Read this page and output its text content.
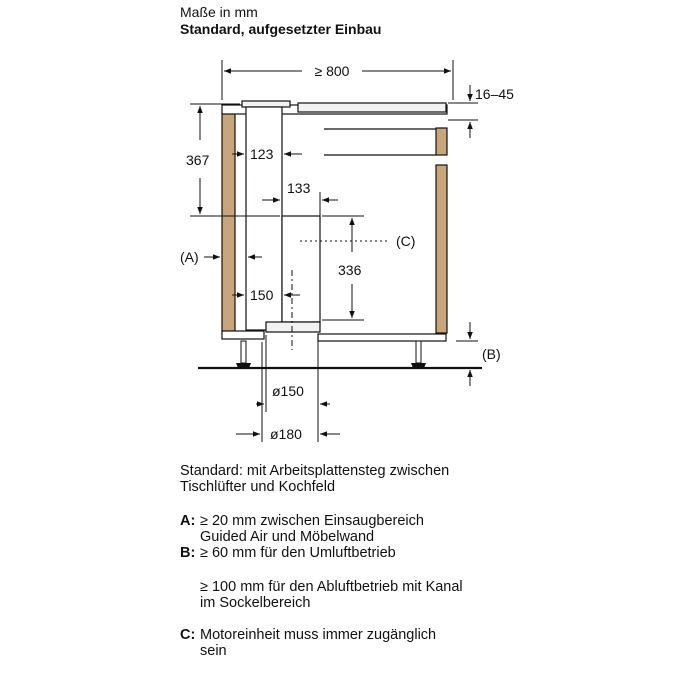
Maße in mm
Standard, aufgesetzter Einbau
≥ 800
16–45
367	123
133
336
(C)
(A)
150
(B)
ø150
ø180

Standard: mit Arbeitsplattensteg zwischen

Tischlüfter und Kochfeld

A: ≥ 20 mm zwischen Einsaugbereich

Guided Air und Möbelwand

B: ≥ 60 mm für den Umluftbetrieb

≥ 100 mm für den Abluftbetrieb mit Kanal

im Sockelbereich

C: Motoreinheit muss immer zugänglich

sein
